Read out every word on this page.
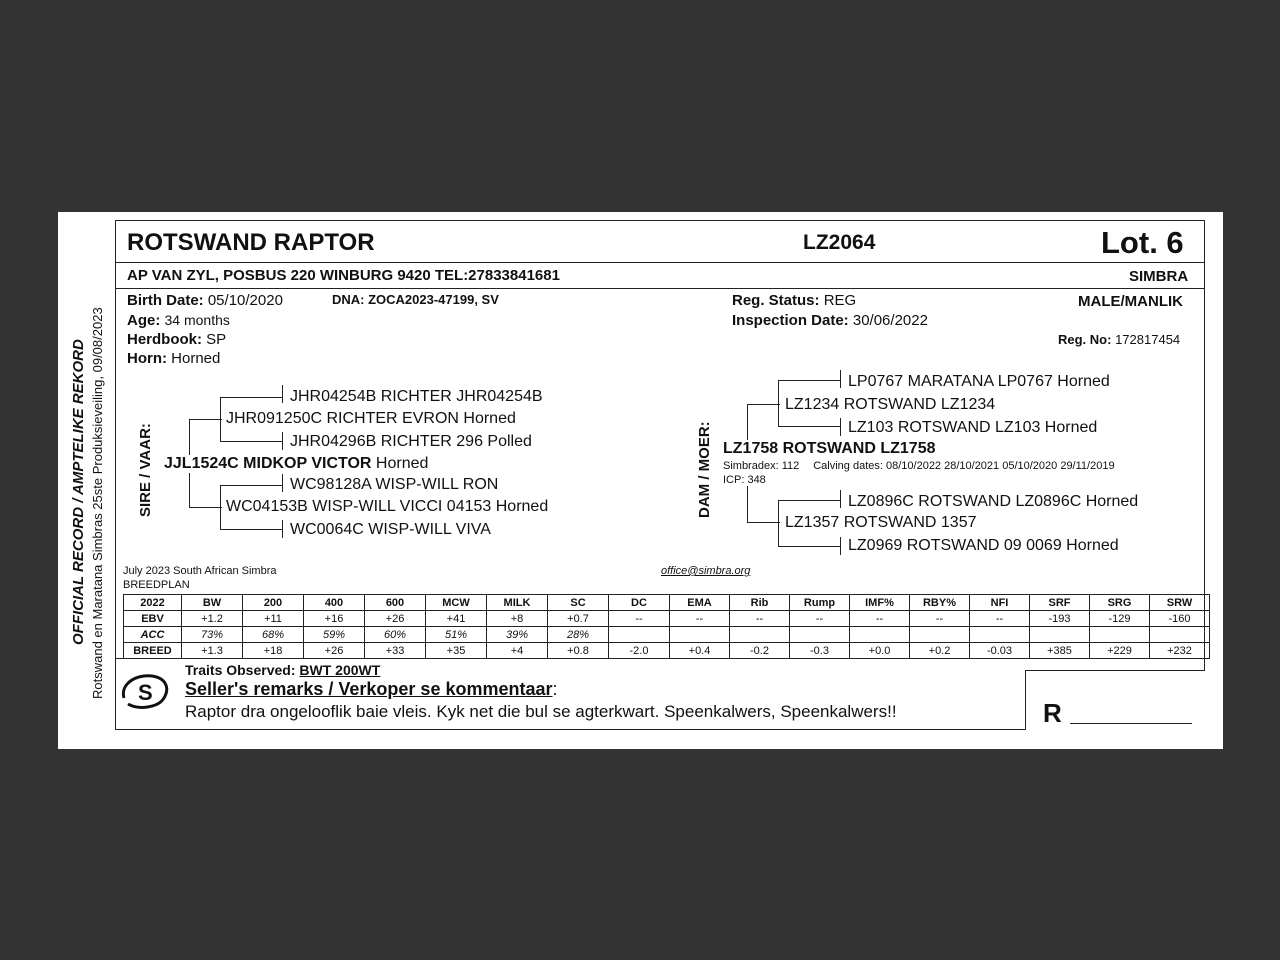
OFFICIAL RECORD / AMPTELIKE REKORD Rotswand en Maratana Simbras 25ste Produksieveiling, 09/08/2023
ROTSWAND RAPTOR	LZ2064	Lot. 6
AP VAN ZYL, POSBUS 220 WINBURG 9420 TEL:27833841681	SIMBRA
Birth Date: 05/10/2020	DNA: ZOCA2023-47199, SV
Age: 34 months
Herdbook: SP
Horn: Horned
Reg. Status: REG
Inspection Date: 30/06/2022
MALE/MANLIK
Reg. No: 172817454
SIRE / VAAR:
JHR04254B RICHTER JHR04254B
JHR091250C RICHTER EVRON Horned
JHR04296B RICHTER 296 Polled
JJL1524C MIDKOP VICTOR Horned
WC98128A WISP-WILL RON
WC04153B WISP-WILL VICCI 04153 Horned
WC0064C WISP-WILL VIVA
DAM / MOER:
LP0767 MARATANA LP0767 Horned
LZ1234 ROTSWAND LZ1234
LZ103 ROTSWAND LZ103 Horned
LZ1758 ROTSWAND LZ1758
Simbradex: 112 Calving dates: 08/10/2022 28/10/2021 05/10/2020 29/11/2019
ICP: 348
LZ0896C ROTSWAND LZ0896C Horned
LZ1357 ROTSWAND 1357
LZ0969 ROTSWAND 09 0069 Horned
July 2023 South African Simbra
BREEDPLAN
office@simbra.org
2022	BW	200	400	600	MCW	MILK	SC	DC	EMA	Rib	Rump	IMF%	RBY%	NFI	SRF	SRG	SRW
EBV	+1.2	+11	+16	+26	+41	+8	+0.7	--	--	--	--	--	--	--	-193	-129	-160
ACC	73%	68%	59%	60%	51%	39%	28%										
BREED	+1.3	+18	+26	+33	+35	+4	+0.8	-2.0	+0.4	-0.2	-0.3	+0.0	+0.2	-0.03	+385	+229	+232
S
Traits Observed: BWT 200WT
Seller's remarks / Verkoper se kommentaar:
Raptor dra ongelooflik baie vleis. Kyk net die bul se agterkwart. Speenkalwers, Speenkalwers!!	R
